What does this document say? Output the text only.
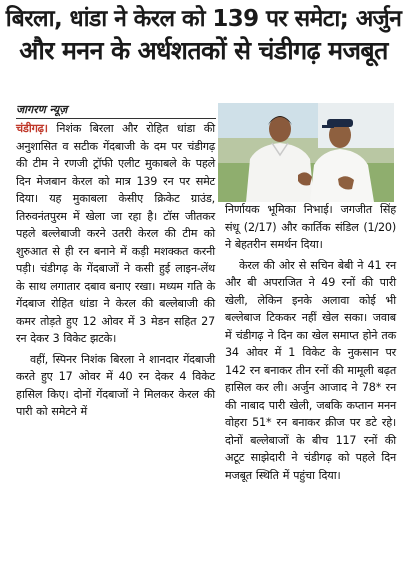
बिरला, धांडा ने केरल को 139 पर समेटा; अर्जुन
और मनन के अर्धशतकों से चंडीगढ़ मजबूत
जागरण न्यूज़

चंडीगढ़। निशंक बिरला और रोहित धांडा की अनुशासित व सटीक गेंदबाजी के दम पर चंडीगढ़ की टीम ने रणजी ट्रॉफी एलीट मुकाबले के पहले दिन मेजबान केरल को मात्र 139 रन पर समेट दिया। यह मुकाबला केसीए क्रिकेट ग्राउंड, तिरुवनंतपुरम में खेला जा रहा है। टॉस जीतकर पहले बल्लेबाजी करने उतरी केरल की टीम को शुरुआत से ही रन बनाने में कड़ी मशक्कत करनी पड़ी। चंडीगढ़ के गेंदबाजों ने कसी हुई लाइन-लेंथ के साथ लगातार दबाव बनाए रखा। मध्यम गति के गेंदबाज रोहित धांडा ने केरल की बल्लेबाजी की कमर तोड़ते हुए 12 ओवर में 3 मेडन सहित 27 रन देकर 3 विकेट झटके।

वहीं, स्पिनर निशंक बिरला ने शानदार गेंदबाजी करते हुए 17 ओवर में 40 रन देकर 4 विकेट हासिल किए। दोनों गेंदबाजों ने मिलकर केरल की पारी को समेटने में

निर्णायक भूमिका निभाई। जगजीत सिंह संधू (2/17) और कार्तिक संडिल (1/20) ने बेहतरीन समर्थन दिया।

केरल की ओर से सचिन बेबी ने 41 रन और बी अपराजित ने 49 रनों की पारी खेली, लेकिन इनके अलावा कोई भी बल्लेबाज टिककर नहीं खेल सका। जवाब में चंडीगढ़ ने दिन का खेल समाप्त होने तक 34 ओवर में 1 विकेट के नुकसान पर 142 रन बनाकर तीन रनों की मामूली बढ़त हासिल कर ली। अर्जुन आजाद ने 78* रन की नाबाद पारी खेली, जबकि कप्तान मनन वोहरा 51* रन बनाकर क्रीज पर डटे रहे। दोनों बल्लेबाजों के बीच 117 रनों की अटूट साझेदारी ने चंडीगढ़ को पहले दिन मजबूत स्थिति में पहुंचा दिया।
